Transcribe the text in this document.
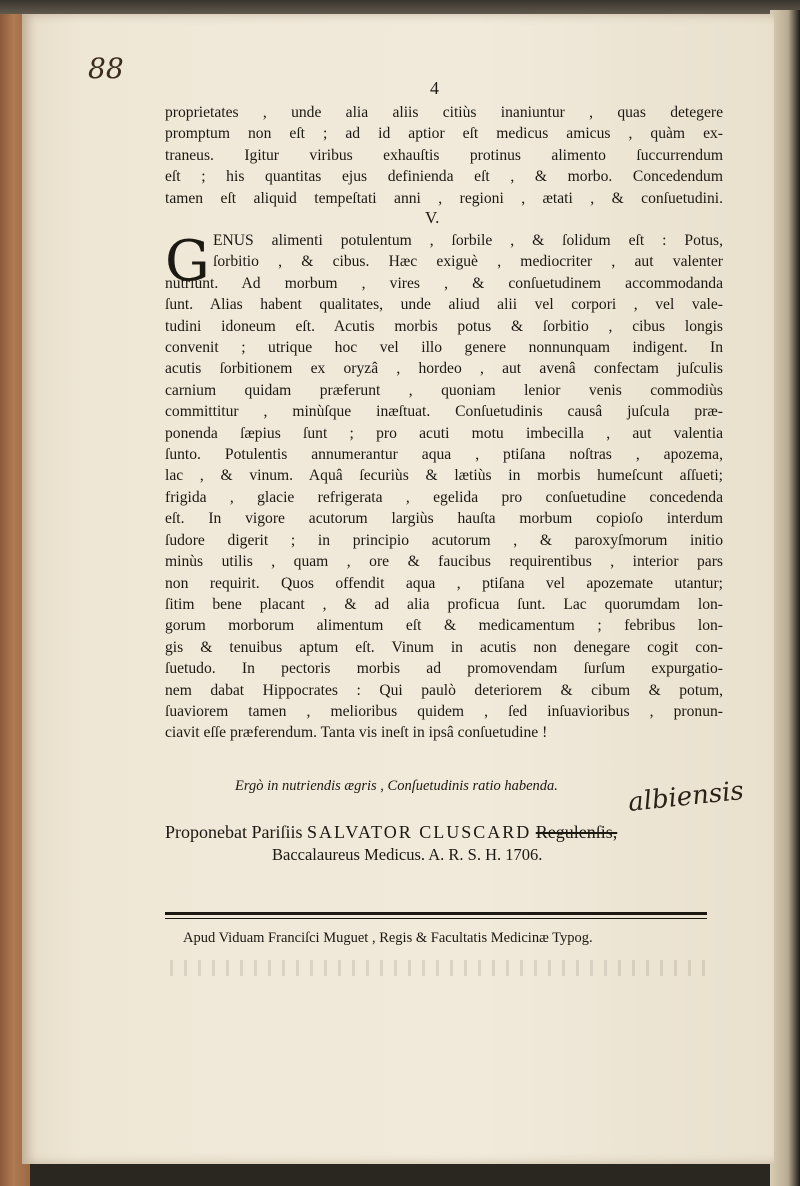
88
4
proprietates , unde alia aliis citiùs inaniuntur , quas detegere
promptum non eſt ; ad id aptior eſt medicus amicus , quàm ex-
traneus. Igitur viribus exhauſtis protinus alimento ſuccurrendum
eſt ; his quantitas ejus definienda eſt , & morbo. Concedendum
tamen eſt aliquid tempeſtati anni , regioni , ætati , & conſuetudini.
V.
G ENUS alimenti potulentum , ſorbile , & ſolidum eſt : Potus,
ſorbitio , & cibus. Hæc exiguè , mediocriter , aut valenter
nutriunt. Ad morbum , vires , & conſuetudinem accommodanda
ſunt. Alias habent qualitates, unde aliud alii vel corpori , vel vale-
tudini idoneum eſt. Acutis morbis potus & ſorbitio , cibus longis
convenit ; utrique hoc vel illo genere nonnunquam indigent. In
acutis ſorbitionem ex oryzâ , hordeo , aut avenâ confectam juſculis
carnium quidam præferunt , quoniam lenior venis commodiùs
committitur , minùſque inæſtuat. Conſuetudinis causâ juſcula præ-
ponenda ſæpius ſunt ; pro acuti motu imbecilla , aut valentia
ſunto. Potulentis annumerantur aqua , ptiſana noſtras , apozema,
lac , & vinum. Aquâ ſecuriùs & lætiùs in morbis humeſcunt aſſueti;
frigida , glacie refrigerata , egelida pro conſuetudine concedenda
eſt. In vigore acutorum largiùs hauſta morbum copioſo interdum
ſudore digerit ; in principio acutorum , & paroxyſmorum initio
minùs utilis , quam , ore & faucibus requirentibus , interior pars
non requirit. Quos offendit aqua , ptiſana vel apozemate utantur;
ſitim bene placant , & ad alia proficua ſunt. Lac quorumdam lon-
gorum morborum alimentum eſt & medicamentum ; febribus lon-
gis & tenuibus aptum eſt. Vinum in acutis non denegare cogit con-
ſuetudo. In pectoris morbis ad promovendam ſurſum expurgatio-
nem dabat Hippocrates : Qui paulò deteriorem & cibum & potum,
ſuaviorem tamen , melioribus quidem , ſed inſuavioribus , pronun-
ciavit eſſe præferendum. Tanta vis ineſt in ipsâ conſuetudine !
Ergò in nutriendis ægris , Conſuetudinis ratio habenda.	albiensis
Proponebat Pariſiis SALVATOR CLUSCARD Regulenſis,
Baccalaureus Medicus. A. R. S. H. 1706.
Apud Viduam Franciſci Muguet , Regis & Facultatis Medicinæ Typog.
